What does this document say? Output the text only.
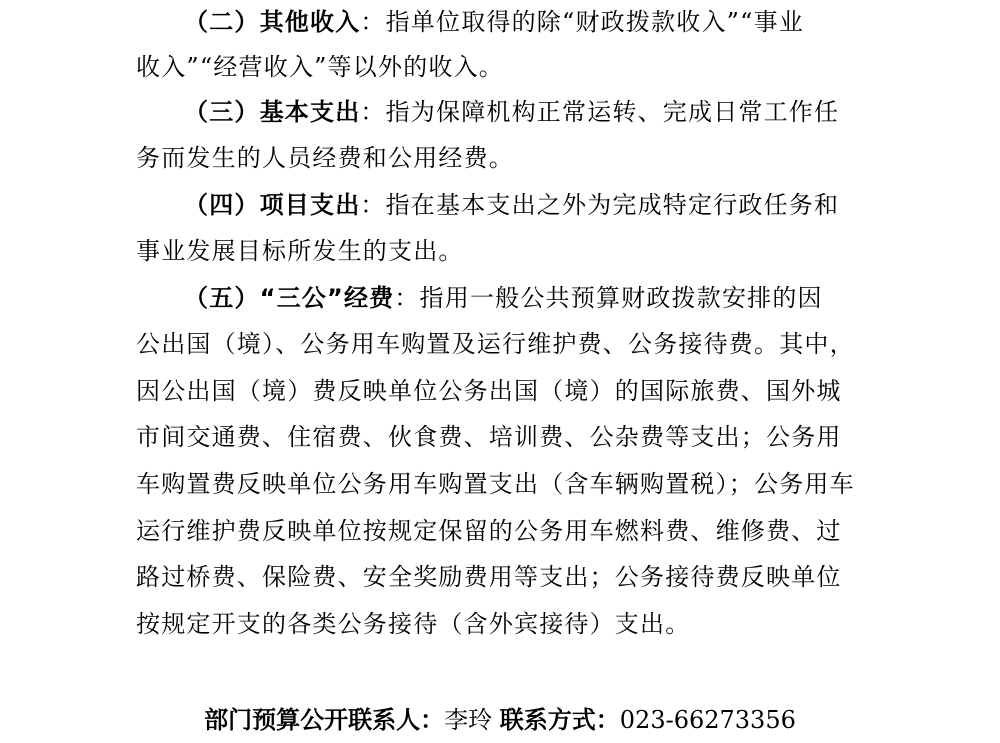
（二）其他收入：指单位取得的除“财政拨款收入”“事业
收入”“经营收入”等以外的收入。
（三）基本支出：指为保障机构正常运转、完成日常工作任
务而发生的人员经费和公用经费。
（四）项目支出：指在基本支出之外为完成特定行政任务和
事业发展目标所发生的支出。
（五）“三公”经费：指用一般公共预算财政拨款安排的因
公出国（境）、公务用车购置及运行维护费、公务接待费。其中，
因公出国（境）费反映单位公务出国（境）的国际旅费、国外城
市间交通费、住宿费、伙食费、培训费、公杂费等支出；公务用
车购置费反映单位公务用车购置支出（含车辆购置税）；公务用车
运行维护费反映单位按规定保留的公务用车燃料费、维修费、过
路过桥费、保险费、安全奖励费用等支出；公务接待费反映单位
按规定开支的各类公务接待（含外宾接待）支出。
部门预算公开联系人：李玲 联系方式：023-66273356
